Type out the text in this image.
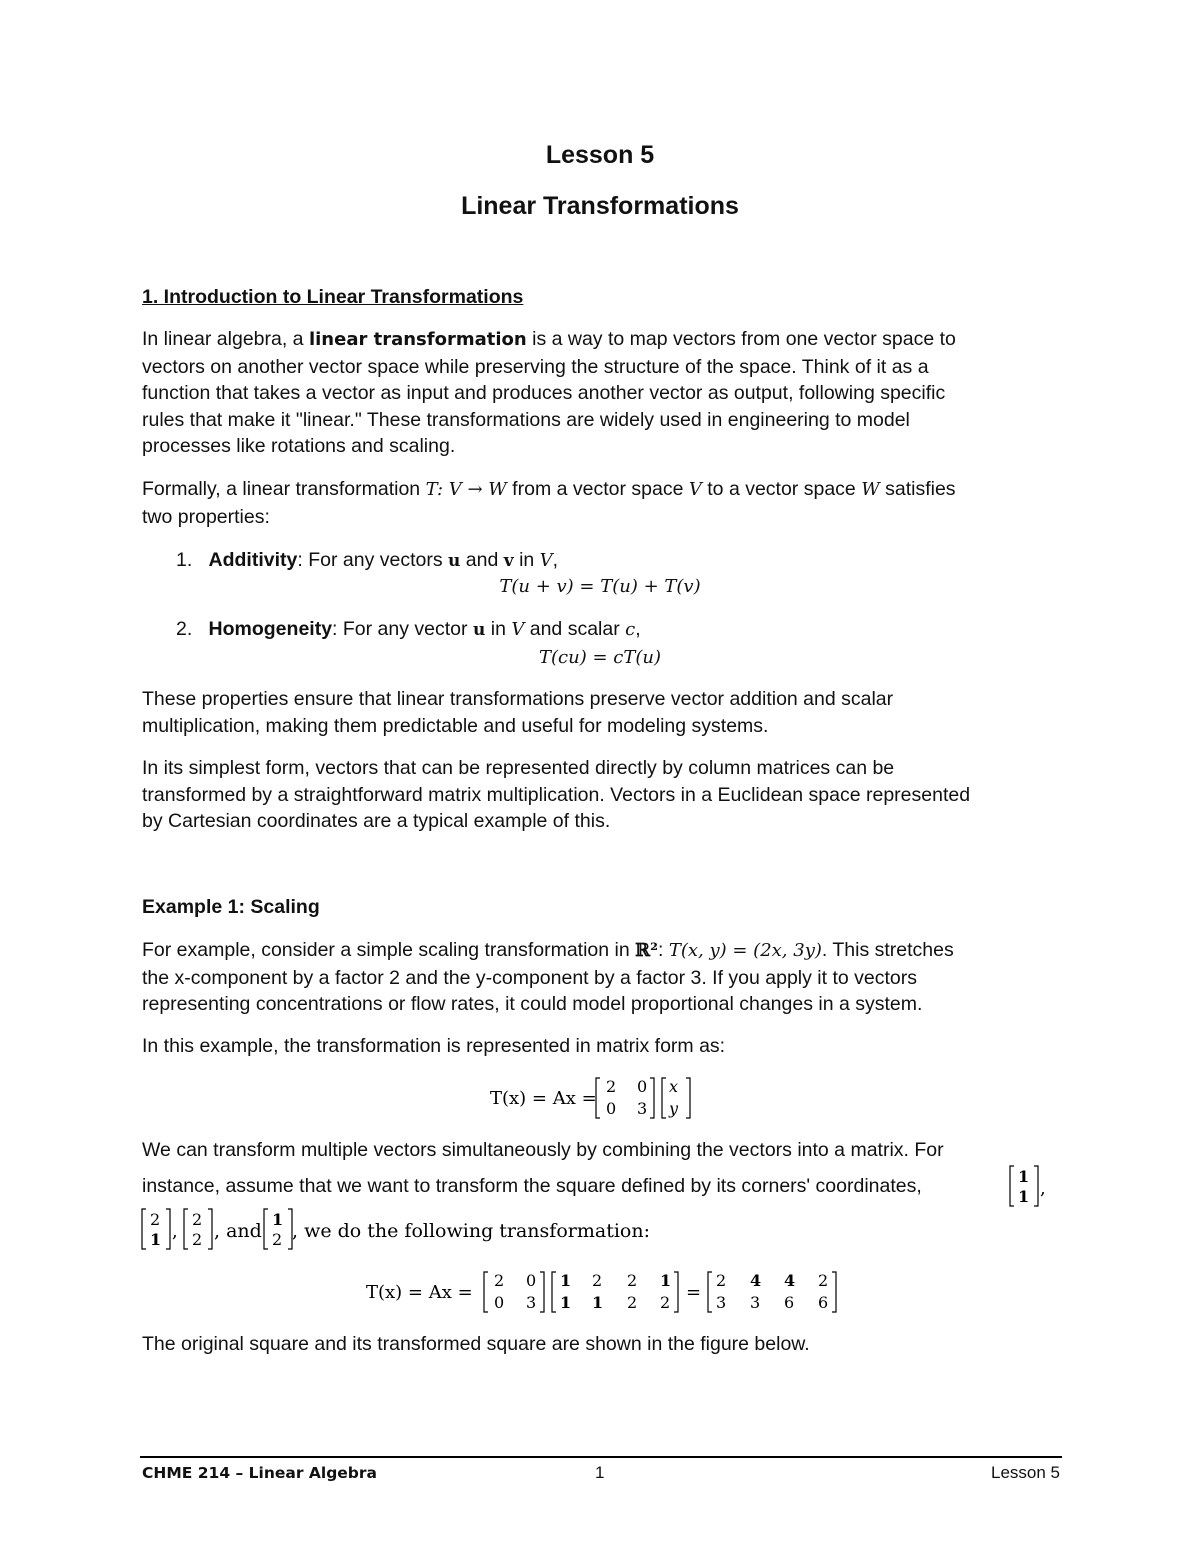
Lesson 5
Linear Transformations
1. Introduction to Linear Transformations
In linear algebra, a linear transformation is a way to map vectors from one vector space to
vectors on another vector space while preserving the structure of the space. Think of it as a
function that takes a vector as input and produces another vector as output, following specific
rules that make it "linear." These transformations are widely used in engineering to model
processes like rotations and scaling.
Formally, a linear transformation T: V → W from a vector space V to a vector space W satisfies
two properties:
1. Additivity: For any vectors u and v in V,
T(u + v) = T(u) + T(v)
2. Homogeneity: For any vector u in V and scalar c,
T(cu) = cT(u)
These properties ensure that linear transformations preserve vector addition and scalar
multiplication, making them predictable and useful for modeling systems.
In its simplest form, vectors that can be represented directly by column matrices can be
transformed by a straightforward matrix multiplication. Vectors in a Euclidean space represented
by Cartesian coordinates are a typical example of this.
Example 1: Scaling
For example, consider a simple scaling transformation in ℝ²: T(x, y) = (2x, 3y). This stretches
the x-component by a factor 2 and the y-component by a factor 3. If you apply it to vectors
representing concentrations or flow rates, it could model proportional changes in a system.
In this example, the transformation is represented in matrix form as:
T(x) = Ax =
2 0
0 3
x
y
We can transform multiple vectors simultaneously by combining the vectors into a matrix. For
instance, assume that we want to transform the square defined by its corners' coordinates,	1
1 ,
2
1 ,
2
2 , and
1
2 , we do the following transformation:
T(x) = Ax =
2 0
0 3
1 2 2 1
1 1 2 2 =
2 4 4 2
3 3 6 6
The original square and its transformed square are shown in the figure below.
CHME 214 – Linear Algebra	1	Lesson 5
